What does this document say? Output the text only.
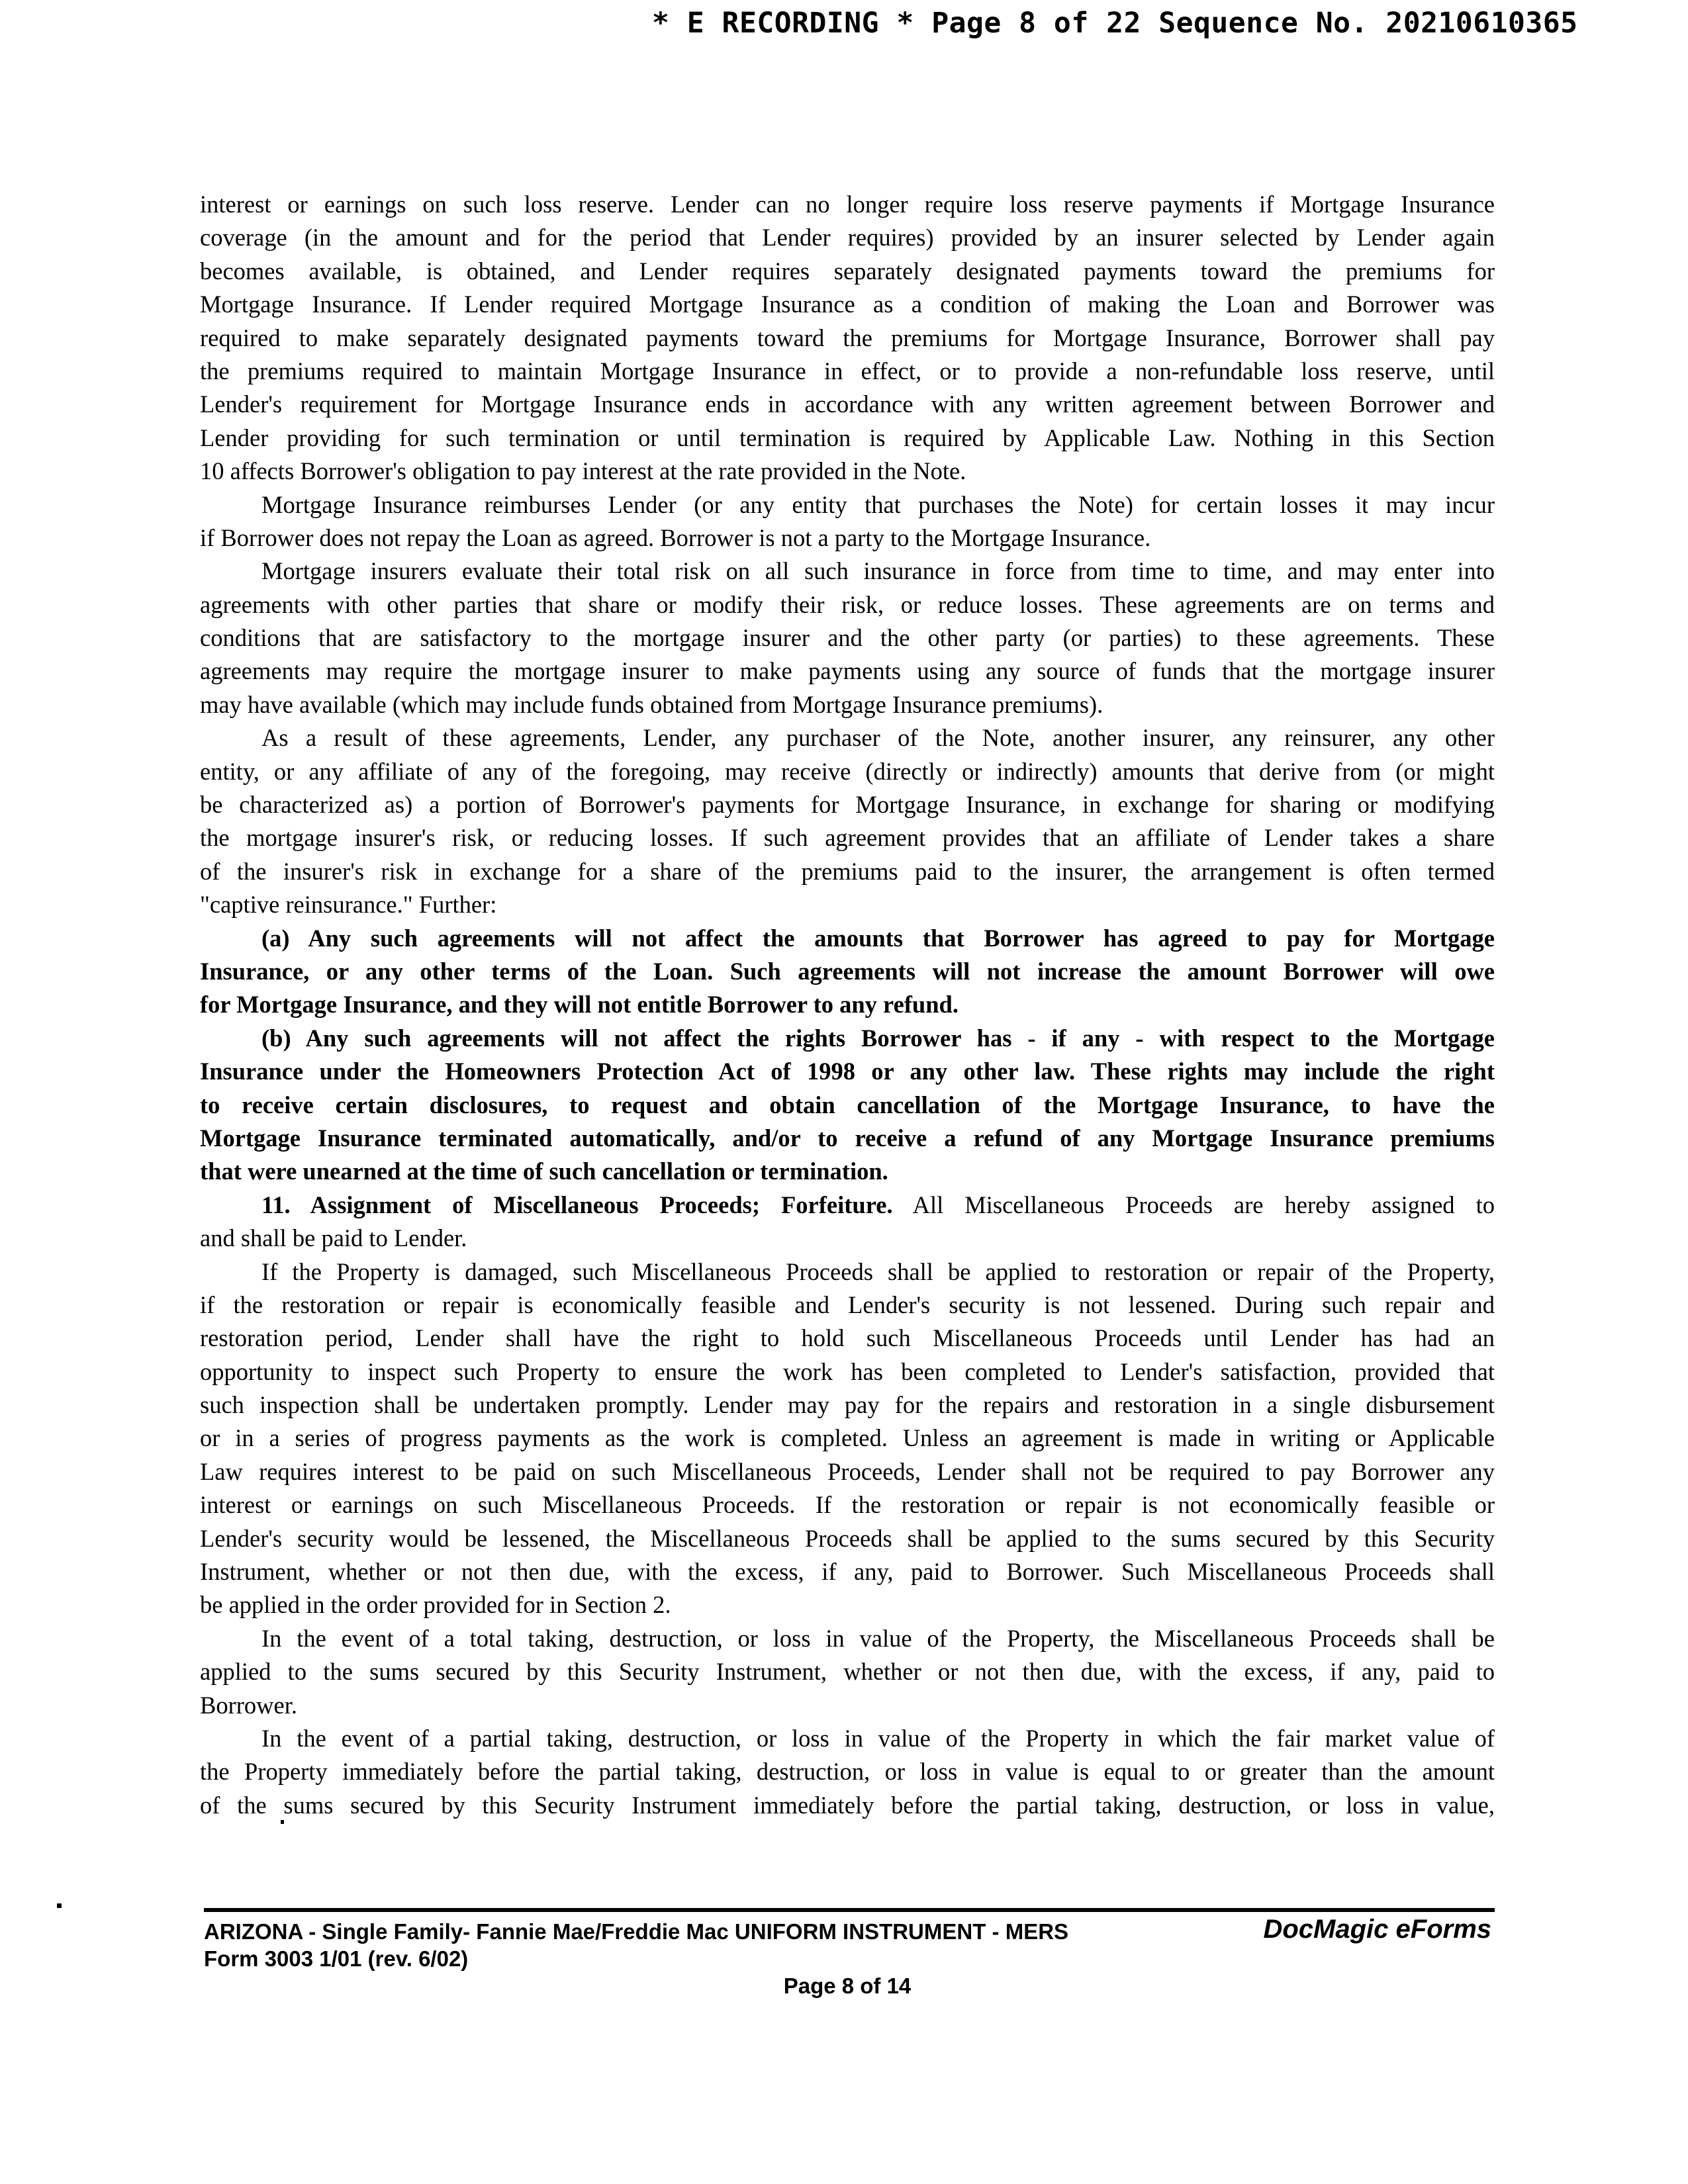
* E RECORDING * Page 8 of 22 Sequence No. 20210610365
interest or earnings on such loss reserve. Lender can no longer require loss reserve payments if Mortgage Insurance
coverage (in the amount and for the period that Lender requires) provided by an insurer selected by Lender again
becomes available, is obtained, and Lender requires separately designated payments toward the premiums for
Mortgage Insurance. If Lender required Mortgage Insurance as a condition of making the Loan and Borrower was
required to make separately designated payments toward the premiums for Mortgage Insurance, Borrower shall pay
the premiums required to maintain Mortgage Insurance in effect, or to provide a non-refundable loss reserve, until
Lender's requirement for Mortgage Insurance ends in accordance with any written agreement between Borrower and
Lender providing for such termination or until termination is required by Applicable Law. Nothing in this Section
10 affects Borrower's obligation to pay interest at the rate provided in the Note.
Mortgage Insurance reimburses Lender (or any entity that purchases the Note) for certain losses it may incur
if Borrower does not repay the Loan as agreed. Borrower is not a party to the Mortgage Insurance.
Mortgage insurers evaluate their total risk on all such insurance in force from time to time, and may enter into
agreements with other parties that share or modify their risk, or reduce losses. These agreements are on terms and
conditions that are satisfactory to the mortgage insurer and the other party (or parties) to these agreements. These
agreements may require the mortgage insurer to make payments using any source of funds that the mortgage insurer
may have available (which may include funds obtained from Mortgage Insurance premiums).
As a result of these agreements, Lender, any purchaser of the Note, another insurer, any reinsurer, any other
entity, or any affiliate of any of the foregoing, may receive (directly or indirectly) amounts that derive from (or might
be characterized as) a portion of Borrower's payments for Mortgage Insurance, in exchange for sharing or modifying
the mortgage insurer's risk, or reducing losses. If such agreement provides that an affiliate of Lender takes a share
of the insurer's risk in exchange for a share of the premiums paid to the insurer, the arrangement is often termed
"captive reinsurance." Further:
(a) Any such agreements will not affect the amounts that Borrower has agreed to pay for Mortgage
Insurance, or any other terms of the Loan. Such agreements will not increase the amount Borrower will owe
for Mortgage Insurance, and they will not entitle Borrower to any refund.
(b) Any such agreements will not affect the rights Borrower has - if any - with respect to the Mortgage
Insurance under the Homeowners Protection Act of 1998 or any other law. These rights may include the right
to receive certain disclosures, to request and obtain cancellation of the Mortgage Insurance, to have the
Mortgage Insurance terminated automatically, and/or to receive a refund of any Mortgage Insurance premiums
that were unearned at the time of such cancellation or termination.
11. Assignment of Miscellaneous Proceeds; Forfeiture. All Miscellaneous Proceeds are hereby assigned to
and shall be paid to Lender.
If the Property is damaged, such Miscellaneous Proceeds shall be applied to restoration or repair of the Property,
if the restoration or repair is economically feasible and Lender's security is not lessened. During such repair and
restoration period, Lender shall have the right to hold such Miscellaneous Proceeds until Lender has had an
opportunity to inspect such Property to ensure the work has been completed to Lender's satisfaction, provided that
such inspection shall be undertaken promptly. Lender may pay for the repairs and restoration in a single disbursement
or in a series of progress payments as the work is completed. Unless an agreement is made in writing or Applicable
Law requires interest to be paid on such Miscellaneous Proceeds, Lender shall not be required to pay Borrower any
interest or earnings on such Miscellaneous Proceeds. If the restoration or repair is not economically feasible or
Lender's security would be lessened, the Miscellaneous Proceeds shall be applied to the sums secured by this Security
Instrument, whether or not then due, with the excess, if any, paid to Borrower. Such Miscellaneous Proceeds shall
be applied in the order provided for in Section 2.
In the event of a total taking, destruction, or loss in value of the Property, the Miscellaneous Proceeds shall be
applied to the sums secured by this Security Instrument, whether or not then due, with the excess, if any, paid to
Borrower.
In the event of a partial taking, destruction, or loss in value of the Property in which the fair market value of
the Property immediately before the partial taking, destruction, or loss in value is equal to or greater than the amount
of the sums secured by this Security Instrument immediately before the partial taking, destruction, or loss in value,
ARIZONA - Single Family- Fannie Mae/Freddie Mac UNIFORM INSTRUMENT - MERS
Form 3003 1/01 (rev. 6/02)
DocMagic eForms
Page 8 of 14
